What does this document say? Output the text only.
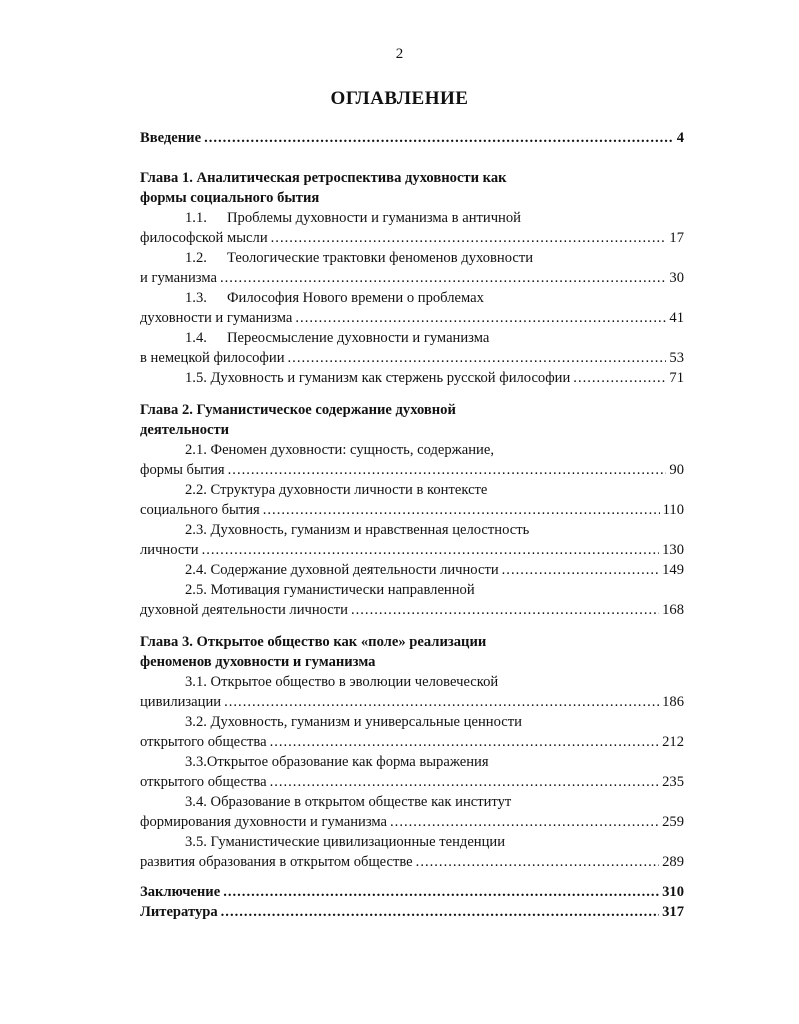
2
ОГЛАВЛЕНИЕ
Введение .....	4
Глава 1. Аналитическая ретроспектива духовности как
формы социального бытия
1.1. Проблемы духовности и гуманизма в античной
философской мысли .....	17
1.2. Теологические трактовки феноменов духовности
и гуманизма .....	30
1.3. Философия Нового времени о проблемах
духовности и гуманизма .....	41
1.4. Переосмысление духовности и гуманизма
в немецкой философии .....	53
1.5. Духовность и гуманизм как стержень русской философии .....	71
Глава 2. Гуманистическое содержание духовной
деятельности
2.1. Феномен духовности: сущность, содержание,
формы бытия .....	90
2.2. Структура духовности личности в контексте
социального бытия .....	110
2.3. Духовность, гуманизм и нравственная целостность
личности .....	130
2.4. Содержание духовной деятельности личности .....	149
2.5. Мотивация гуманистически направленной
духовной деятельности личности .....	168
Глава 3. Открытое общество как «поле» реализации
феноменов духовности и гуманизма
3.1. Открытое общество в эволюции человеческой
цивилизации .....	186
3.2. Духовность, гуманизм и универсальные ценности
открытого общества .....	212
3.3.Открытое образование как форма выражения
открытого общества .....	235
3.4. Образование в открытом обществе как институт
формирования духовности и гуманизма .....	259
3.5. Гуманистические цивилизационные тенденции
развития образования в открытом обществе .....	289
Заключение .....	310
Литература .....	317
